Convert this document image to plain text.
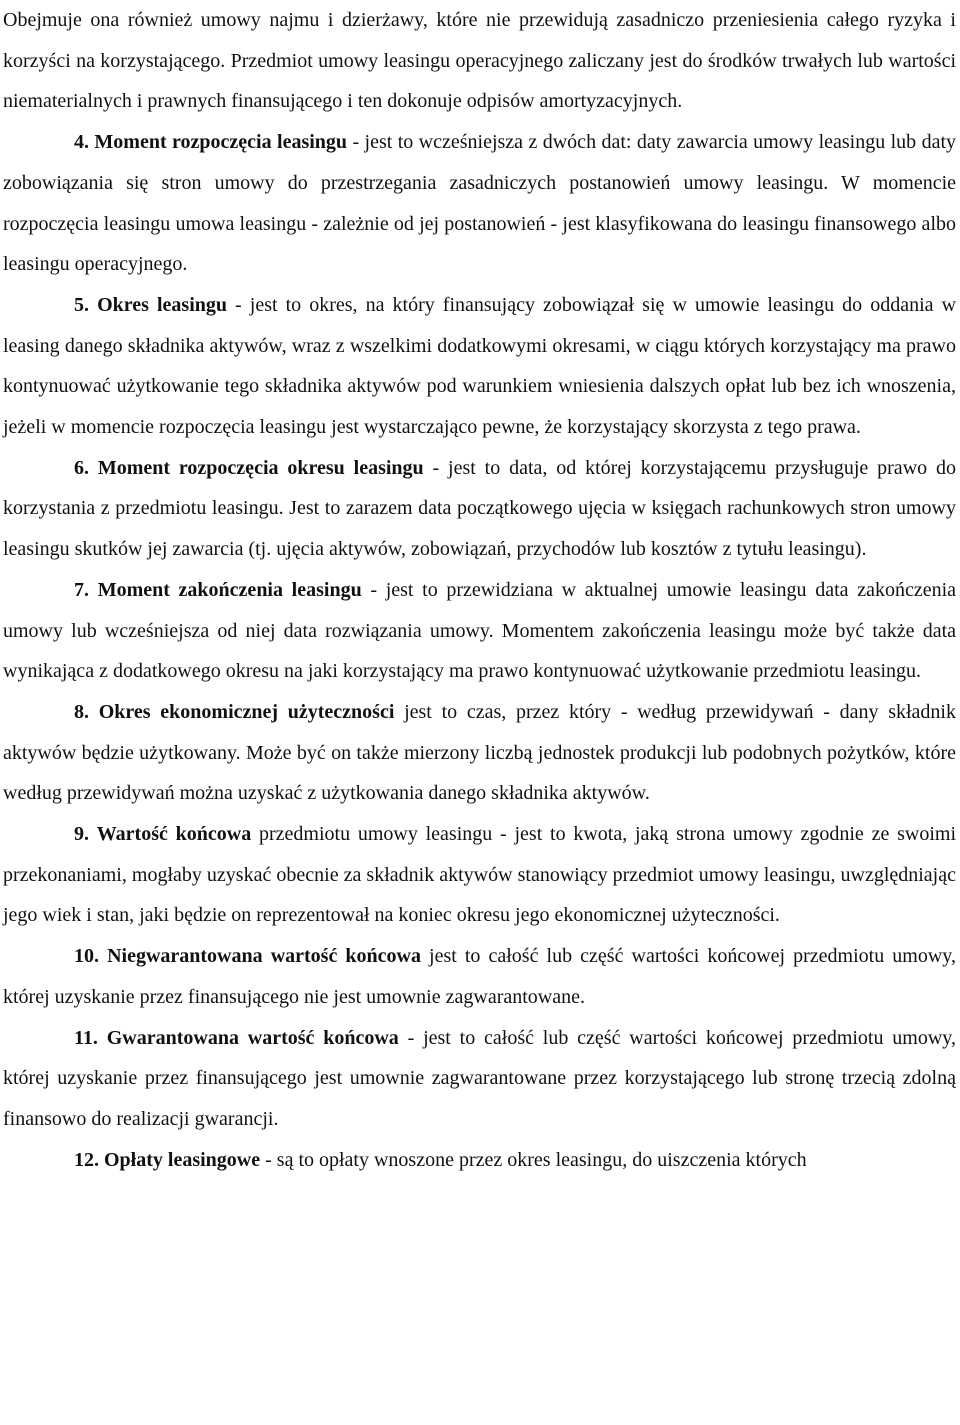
Obejmuje ona również umowy najmu i dzierżawy, które nie przewidują zasadniczo przeniesienia całego ryzyka i korzyści na korzystającego. Przedmiot umowy leasingu operacyjnego zaliczany jest do środków trwałych lub wartości niematerialnych i prawnych finansującego i ten dokonuje odpisów amortyzacyjnych.

4. Moment rozpoczęcia leasingu - jest to wcześniejsza z dwóch dat: daty zawarcia umowy leasingu lub daty zobowiązania się stron umowy do przestrzegania zasadniczych postanowień umowy leasingu. W momencie rozpoczęcia leasingu umowa leasingu - zależnie od jej postanowień - jest klasyfikowana do leasingu finansowego albo leasingu operacyjnego.

5. Okres leasingu - jest to okres, na który finansujący zobowiązał się w umowie leasingu do oddania w leasing danego składnika aktywów, wraz z wszelkimi dodatkowymi okresami, w ciągu których korzystający ma prawo kontynuować użytkowanie tego składnika aktywów pod warunkiem wniesienia dalszych opłat lub bez ich wnoszenia, jeżeli w momencie rozpoczęcia leasingu jest wystarczająco pewne, że korzystający skorzysta z tego prawa.

6. Moment rozpoczęcia okresu leasingu - jest to data, od której korzystającemu przysługuje prawo do korzystania z przedmiotu leasingu. Jest to zarazem data początkowego ujęcia w księgach rachunkowych stron umowy leasingu skutków jej zawarcia (tj. ujęcia aktywów, zobowiązań, przychodów lub kosztów z tytułu leasingu).

7. Moment zakończenia leasingu - jest to przewidziana w aktualnej umowie leasingu data zakończenia umowy lub wcześniejsza od niej data rozwiązania umowy. Momentem zakończenia leasingu może być także data wynikająca z dodatkowego okresu na jaki korzystający ma prawo kontynuować użytkowanie przedmiotu leasingu.

8. Okres ekonomicznej użyteczności jest to czas, przez który - według przewidywań - dany składnik aktywów będzie użytkowany. Może być on także mierzony liczbą jednostek produkcji lub podobnych pożytków, które według przewidywań można uzyskać z użytkowania danego składnika aktywów.

9. Wartość końcowa przedmiotu umowy leasingu - jest to kwota, jaką strona umowy zgodnie ze swoimi przekonaniami, mogłaby uzyskać obecnie za składnik aktywów stanowiący przedmiot umowy leasingu, uwzględniając jego wiek i stan, jaki będzie on reprezentował na koniec okresu jego ekonomicznej użyteczności.

10. Niegwarantowana wartość końcowa jest to całość lub część wartości końcowej przedmiotu umowy, której uzyskanie przez finansującego nie jest umownie zagwarantowane.

11. Gwarantowana wartość końcowa - jest to całość lub część wartości końcowej przedmiotu umowy, której uzyskanie przez finansującego jest umownie zagwarantowane przez korzystającego lub stronę trzecią zdolną finansowo do realizacji gwarancji.

12. Opłaty leasingowe - są to opłaty wnoszone przez okres leasingu, do uiszczenia których
